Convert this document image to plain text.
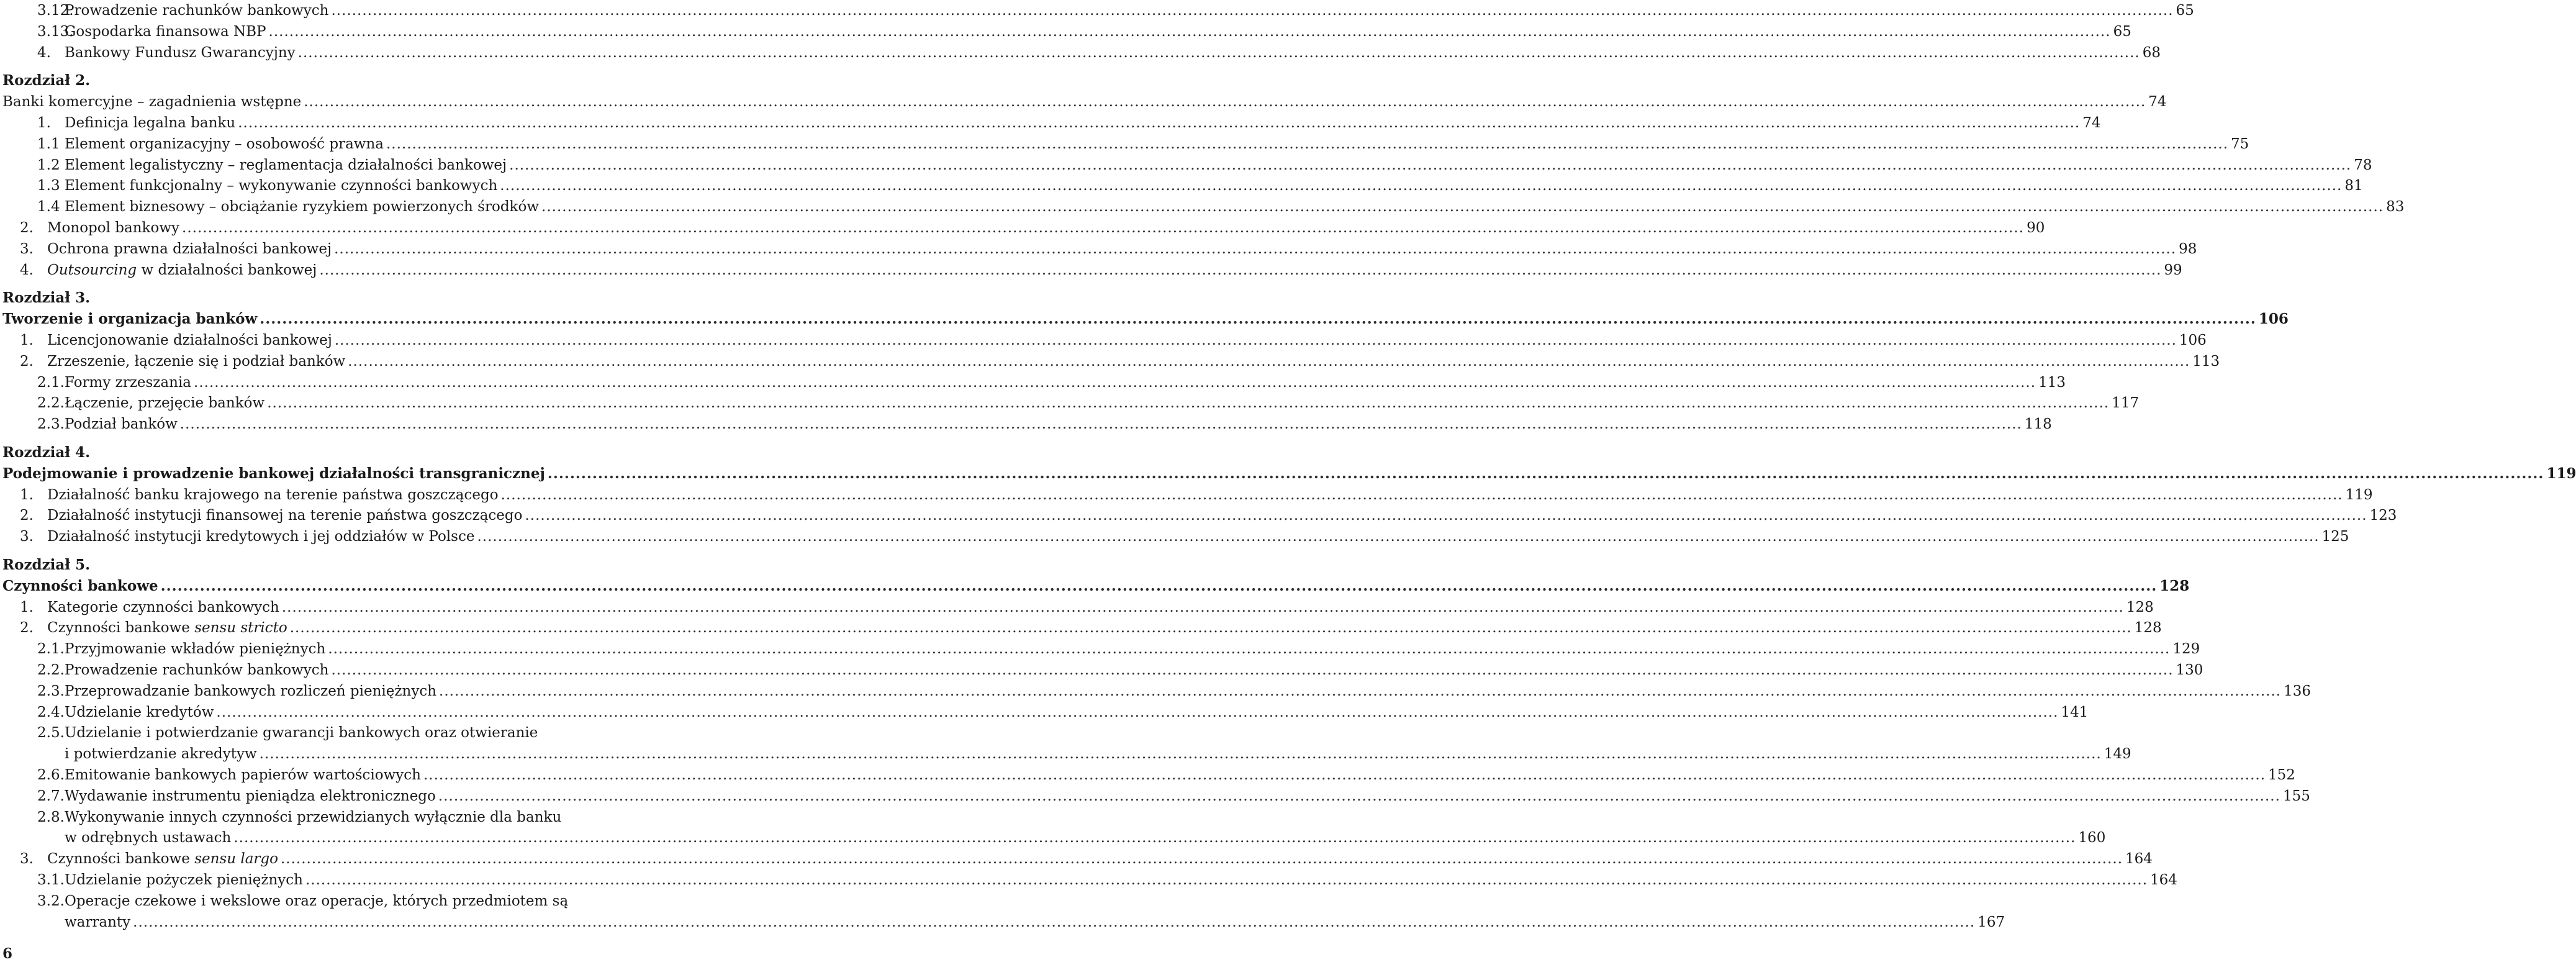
3.12.
Prowadzenie rachunków bankowych .....	65
3.13.
Gospodarka finansowa NBP .....	65
4. Bankowy Fundusz Gwarancyjny .....	68
Rozdział 2.
Banki komercyjne – zagadnienia wstępne .....	74
1. Definicja legalna banku .....	74
1.1 Element organizacyjny – osobowość prawna .....	75
1.2 Element legalistyczny – reglamentacja działalności bankowej .....	78
1.3 Element funkcjonalny – wykonywanie czynności bankowych .....	81
1.4 Element biznesowy – obciążanie ryzykiem powierzonych środków .....	83
2. Monopol bankowy .....	90
3. Ochrona prawna działalności bankowej .....	98
4. Outsourcing w działalności bankowej .....	99
Rozdział 3.
Tworzenie i organizacja banków .....	106
1. Licencjonowanie działalności bankowej .....	106
2. Zrzeszenie, łączenie się i podział banków .....	113
2.1. Formy zrzeszania .....	113
2.2. Łączenie, przejęcie banków .....	117
2.3. Podział banków .....	118
Rozdział 4.
Podejmowanie i prowadzenie bankowej działalności transgranicznej .....	119
1. Działalność banku krajowego na terenie państwa goszczącego .....	119
2. Działalność instytucji finansowej na terenie państwa goszczącego .....	123
3. Działalność instytucji kredytowych i jej oddziałów w Polsce .....	125
Rozdział 5.
Czynności bankowe .....	128
1. Kategorie czynności bankowych .....	128
2. Czynności bankowe sensu stricto .....	128
2.1. Przyjmowanie wkładów pieniężnych .....	129
2.2. Prowadzenie rachunków bankowych .....	130
2.3. Przeprowadzanie bankowych rozliczeń pieniężnych .....	136
2.4. Udzielanie kredytów .....	141
2.5. Udzielanie i potwierdzanie gwarancji bankowych oraz otwieranie
i potwierdzanie akredytyw .....	149
2.6. Emitowanie bankowych papierów wartościowych .....	152
2.7. Wydawanie instrumentu pieniądza elektronicznego .....	155
2.8. Wykonywanie innych czynności przewidzianych wyłącznie dla banku
w odrębnych ustawach .....	160
3. Czynności bankowe sensu largo .....	164
3.1. Udzielanie pożyczek pieniężnych .....	164
3.2. Operacje czekowe i wekslowe oraz operacje, których przedmiotem są
warranty .....	167
6
